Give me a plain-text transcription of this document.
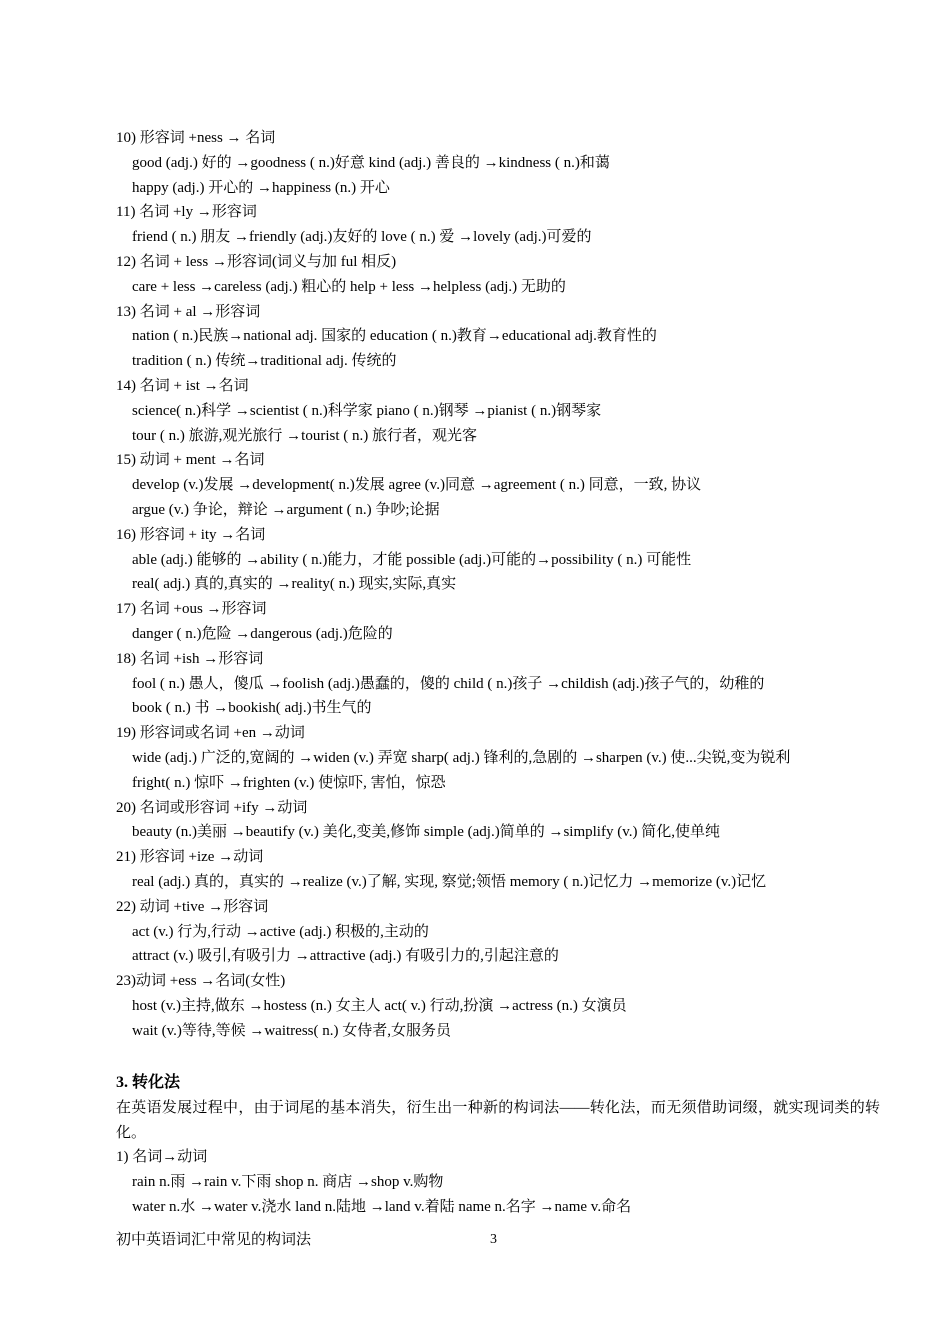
10) 形容词 +ness → 名词
good (adj.) 好的 →goodness ( n.)好意 kind (adj.) 善良的 →kindness ( n.)和蔼
happy (adj.) 开心的 →happiness (n.) 开心
11) 名词 +ly →形容词
friend ( n.) 朋友 →friendly (adj.)友好的 love ( n.) 爱 →lovely (adj.)可爱的
12) 名词 + less →形容词(词义与加 ful 相反)
care + less →careless (adj.) 粗心的 help + less →helpless (adj.) 无助的
13) 名词 + al →形容词
nation ( n.)民族→national adj. 国家的 education ( n.)教育→educational adj.教育性的
tradition ( n.) 传统→traditional adj. 传统的
14) 名词 + ist →名词
science( n.)科学 →scientist ( n.)科学家 piano ( n.)钢琴 →pianist ( n.)钢琴家
tour ( n.) 旅游,观光旅行 →tourist ( n.) 旅行者，观光客
15) 动词 + ment →名词
develop (v.)发展 →development( n.)发展 agree (v.)同意 →agreement ( n.) 同意，一致, 协议
argue (v.) 争论，辩论 →argument ( n.) 争吵;论据
16) 形容词 + ity →名词
able (adj.) 能够的 →ability ( n.)能力，才能 possible (adj.)可能的→possibility ( n.) 可能性
real( adj.) 真的,真实的 →reality( n.) 现实,实际,真实
17) 名词 +ous →形容词
danger ( n.)危险 →dangerous (adj.)危险的
18) 名词 +ish →形容词
fool ( n.) 愚人，傻瓜 →foolish (adj.)愚蠢的，傻的 child ( n.)孩子 →childish (adj.)孩子气的，幼稚的
book ( n.) 书 →bookish( adj.)书生气的
19) 形容词或名词 +en →动词
wide (adj.) 广泛的,宽阔的 →widen (v.) 弄宽 sharp( adj.) 锋利的,急剧的 →sharpen (v.) 使...尖锐,变为锐利
fright( n.) 惊吓 →frighten (v.) 使惊吓, 害怕，惊恐
20) 名词或形容词 +ify →动词
beauty (n.)美丽 →beautify (v.) 美化,变美,修饰 simple (adj.)简单的 →simplify (v.) 简化,使单纯
21) 形容词 +ize →动词
real (adj.) 真的，真实的 →realize (v.)了解, 实现, 察觉;领悟 memory ( n.)记忆力 →memorize (v.)记忆
22) 动词 +tive →形容词
act (v.) 行为,行动 →active (adj.) 积极的,主动的
attract (v.) 吸引,有吸引力 →attractive (adj.) 有吸引力的,引起注意的
23)动词 +ess →名词(女性)
host (v.)主持,做东 →hostess (n.) 女主人 act( v.) 行动,扮演 →actress (n.) 女演员
wait (v.)等待,等候 →waitress( n.) 女侍者,女服务员
3. 转化法
在英语发展过程中，由于词尾的基本消失，衍生出一种新的构词法——转化法，而无须借助词缀，就实现词类的转化。
1) 名词→动词
rain n.雨 →rain v.下雨 shop n. 商店 →shop v.购物
water n.水 →water v.浇水 land n.陆地 →land v.着陆 name n.名字 →name v.命名
初中英语词汇中常见的构词法	3
